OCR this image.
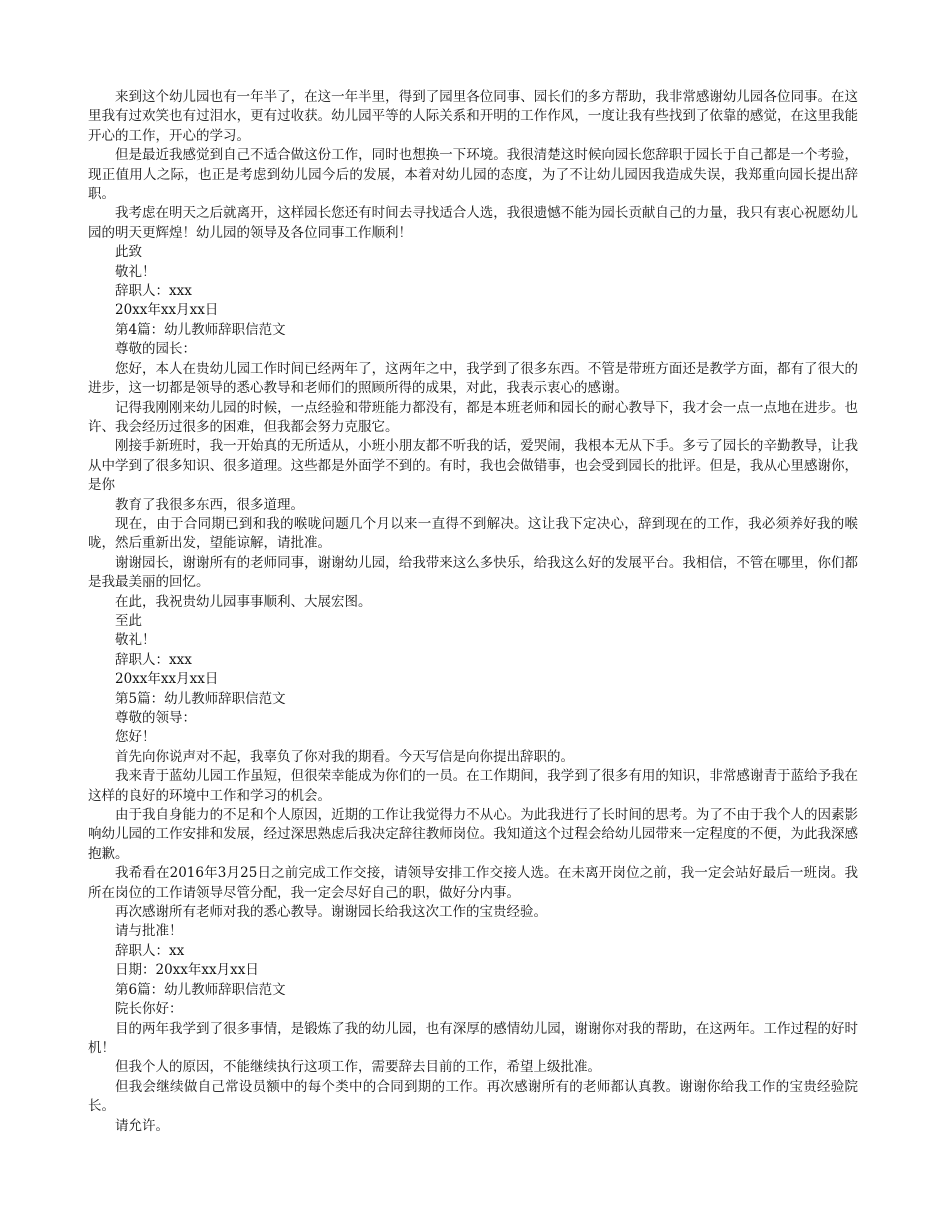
来到这个幼儿园也有一年半了，在这一年半里，得到了园里各位同事、园长们的多方帮助，我非常感谢幼儿园各位同事。在这里我有过欢笑也有过泪水，更有过收获。幼儿园平等的人际关系和开明的工作作风，一度让我有些找到了依靠的感觉，在这里我能开心的工作，开心的学习。

但是最近我感觉到自己不适合做这份工作，同时也想换一下环境。我很清楚这时候向园长您辞职于园长于自己都是一个考验，现正值用人之际，也正是考虑到幼儿园今后的发展，本着对幼儿园的态度，为了不让幼儿园因我造成失误，我郑重向园长提出辞职。

我考虑在明天之后就离开，这样园长您还有时间去寻找适合人选，我很遗憾不能为园长贡献自己的力量，我只有衷心祝愿幼儿园的明天更辉煌！幼儿园的领导及各位同事工作顺利！

此致

敬礼！

辞职人：xxx

20xx年xx月xx日

第4篇：幼儿教师辞职信范文

尊敬的园长：

您好，本人在贵幼儿园工作时间已经两年了，这两年之中，我学到了很多东西。不管是带班方面还是教学方面，都有了很大的进步，这一切都是领导的悉心教导和老师们的照顾所得的成果，对此，我表示衷心的感谢。

记得我刚刚来幼儿园的时候，一点经验和带班能力都没有，都是本班老师和园长的耐心教导下，我才会一点一点地在进步。也许、我会经历过很多的困难，但我都会努力克服它。

刚接手新班时，我一开始真的无所适从，小班小朋友都不听我的话，爱哭闹，我根本无从下手。多亏了园长的辛勤教导，让我从中学到了很多知识、很多道理。这些都是外面学不到的。有时，我也会做错事，也会受到园长的批评。但是，我从心里感谢你，是你

教育了我很多东西，很多道理。

现在，由于合同期已到和我的喉咙问题几个月以来一直得不到解决。这让我下定决心，辞到现在的工作，我必须养好我的喉咙，然后重新出发，望能谅解，请批准。

谢谢园长，谢谢所有的老师同事，谢谢幼儿园，给我带来这么多快乐，给我这么好的发展平台。我相信，不管在哪里，你们都是我最美丽的回忆。

在此，我祝贵幼儿园事事顺利、大展宏图。

至此

敬礼！

辞职人：xxx

20xx年xx月xx日

第5篇：幼儿教师辞职信范文

尊敬的领导：

您好！

首先向你说声对不起，我辜负了你对我的期看。今天写信是向你提出辞职的。

我来青于蓝幼儿园工作虽短，但很荣幸能成为你们的一员。在工作期间，我学到了很多有用的知识，非常感谢青于蓝给予我在这样的良好的环境中工作和学习的机会。

由于我自身能力的不足和个人原因，近期的工作让我觉得力不从心。为此我进行了长时间的思考。为了不由于我个人的因素影响幼儿园的工作安排和发展，经过深思熟虑后我决定辞往教师岗位。我知道这个过程会给幼儿园带来一定程度的不便，为此我深感抱歉。

我希看在2016年3月25日之前完成工作交接，请领导安排工作交接人选。在未离开岗位之前，我一定会站好最后一班岗。我所在岗位的工作请领导尽管分配，我一定会尽好自己的职，做好分内事。

再次感谢所有老师对我的悉心教导。谢谢园长给我这次工作的宝贵经验。

请与批准！

辞职人：xx

日期：20xx年xx月xx日

第6篇：幼儿教师辞职信范文

院长你好：

目的两年我学到了很多事情，是锻炼了我的幼儿园，也有深厚的感情幼儿园，谢谢你对我的帮助，在这两年。工作过程的好时机！

但我个人的原因，不能继续执行这项工作，需要辞去目前的工作，希望上级批准。

但我会继续做自己常设员额中的每个类中的合同到期的工作。再次感谢所有的老师都认真教。谢谢你给我工作的宝贵经验院长。

请允许。
